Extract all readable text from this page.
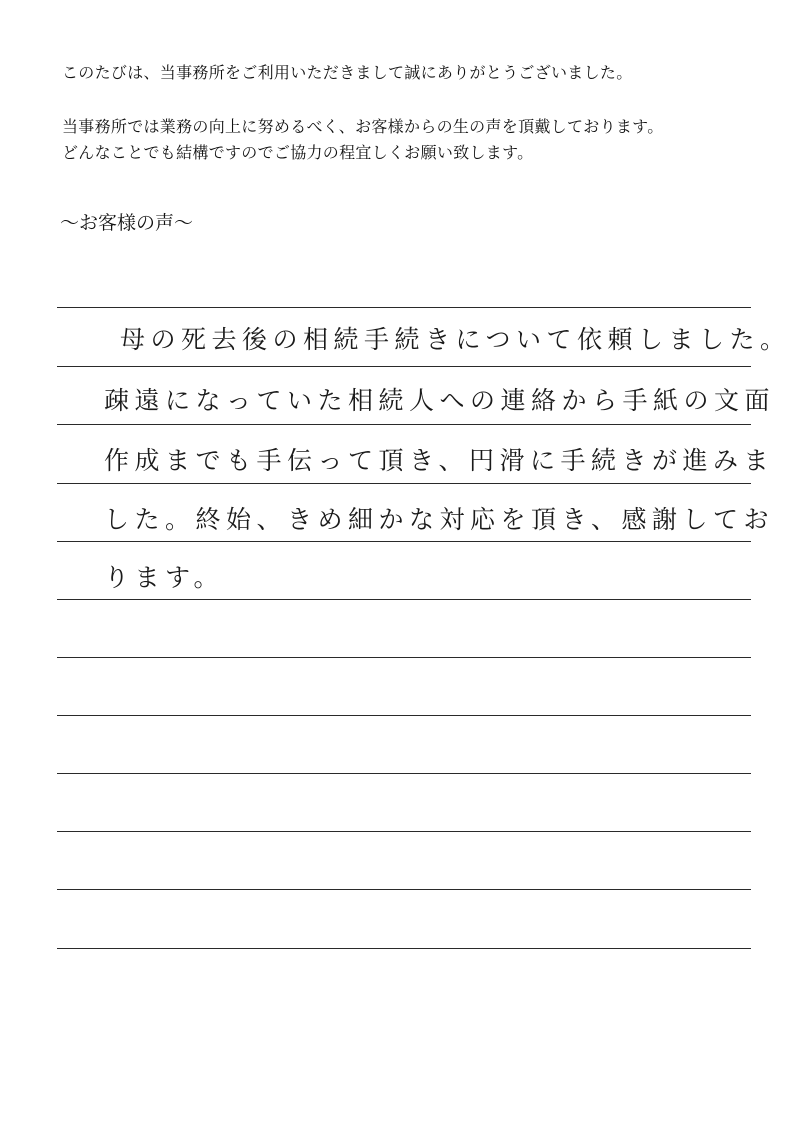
このたびは、当事務所をご利用いただきまして誠にありがとうございました。
当事務所では業務の向上に努めるべく、お客様からの生の声を頂戴しております。
どんなことでも結構ですのでご協力の程宜しくお願い致します。
～お客様の声～
母の死去後の相続手続きについて依頼しました。
疎遠になっていた相続人への連絡から手紙の文面
作成までも手伝って頂き、円滑に手続きが進みま
した。終始、きめ細かな対応を頂き、感謝してお
ります。
